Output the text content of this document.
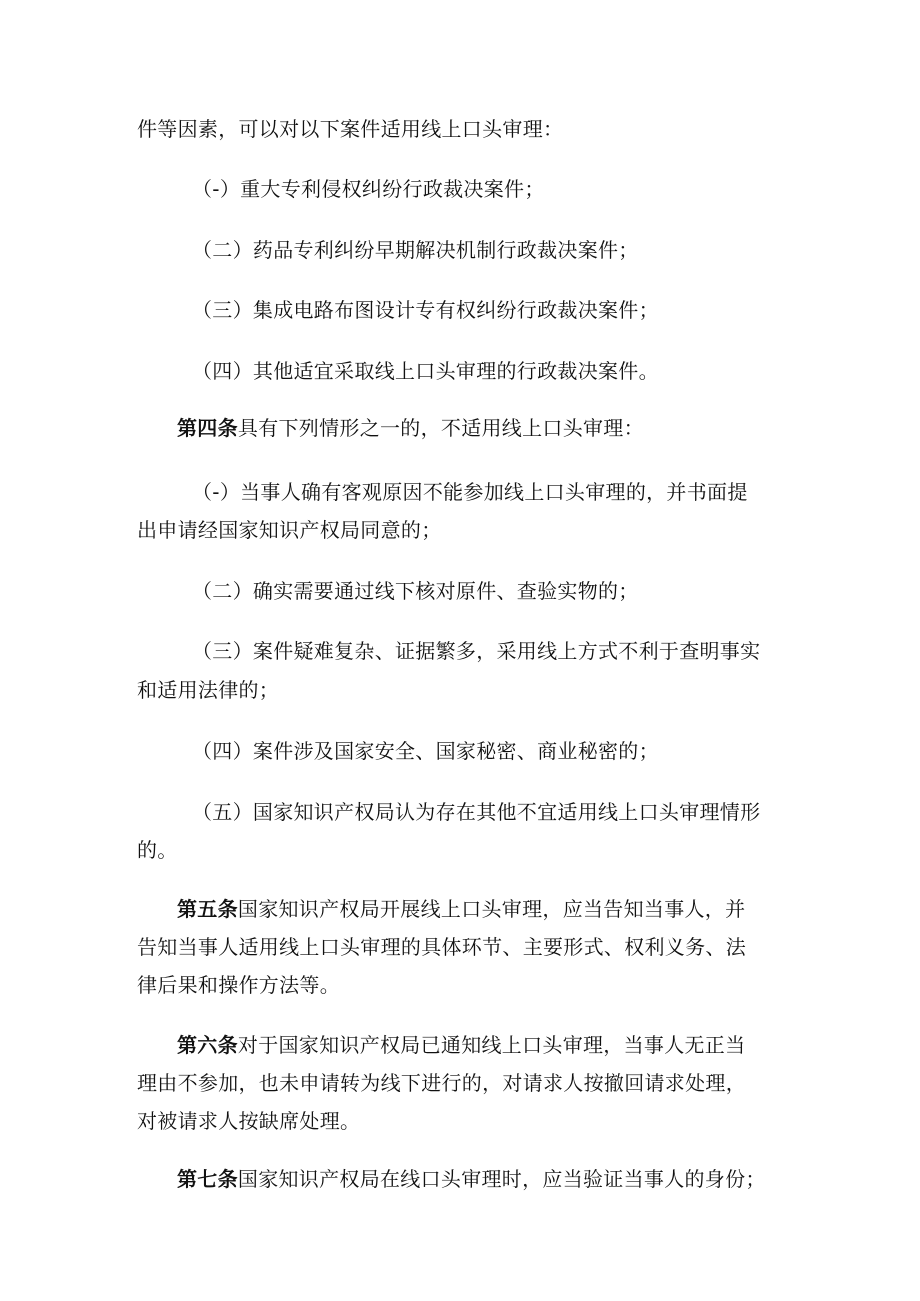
件等因素，可以对以下案件适用线上口头审理：
（-）重大专利侵权纠纷行政裁决案件；
（二）药品专利纠纷早期解决机制行政裁决案件；
（三）集成电路布图设计专有权纠纷行政裁决案件；
（四）其他适宜采取线上口头审理的行政裁决案件。
第四条具有下列情形之一的，不适用线上口头审理：
（-）当事人确有客观原因不能参加线上口头审理的，并书面提
出申请经国家知识产权局同意的；
（二）确实需要通过线下核对原件、查验实物的；
（三）案件疑难复杂、证据繁多，采用线上方式不利于查明事实
和适用法律的；
（四）案件涉及国家安全、国家秘密、商业秘密的；
（五）国家知识产权局认为存在其他不宜适用线上口头审理情形
的。
第五条国家知识产权局开展线上口头审理，应当告知当事人，并
告知当事人适用线上口头审理的具体环节、主要形式、权利义务、法
律后果和操作方法等。
第六条对于国家知识产权局已通知线上口头审理，当事人无正当
理由不参加，也未申请转为线下进行的，对请求人按撤回请求处理，
对被请求人按缺席处理。
第七条国家知识产权局在线口头审理时，应当验证当事人的身份；
